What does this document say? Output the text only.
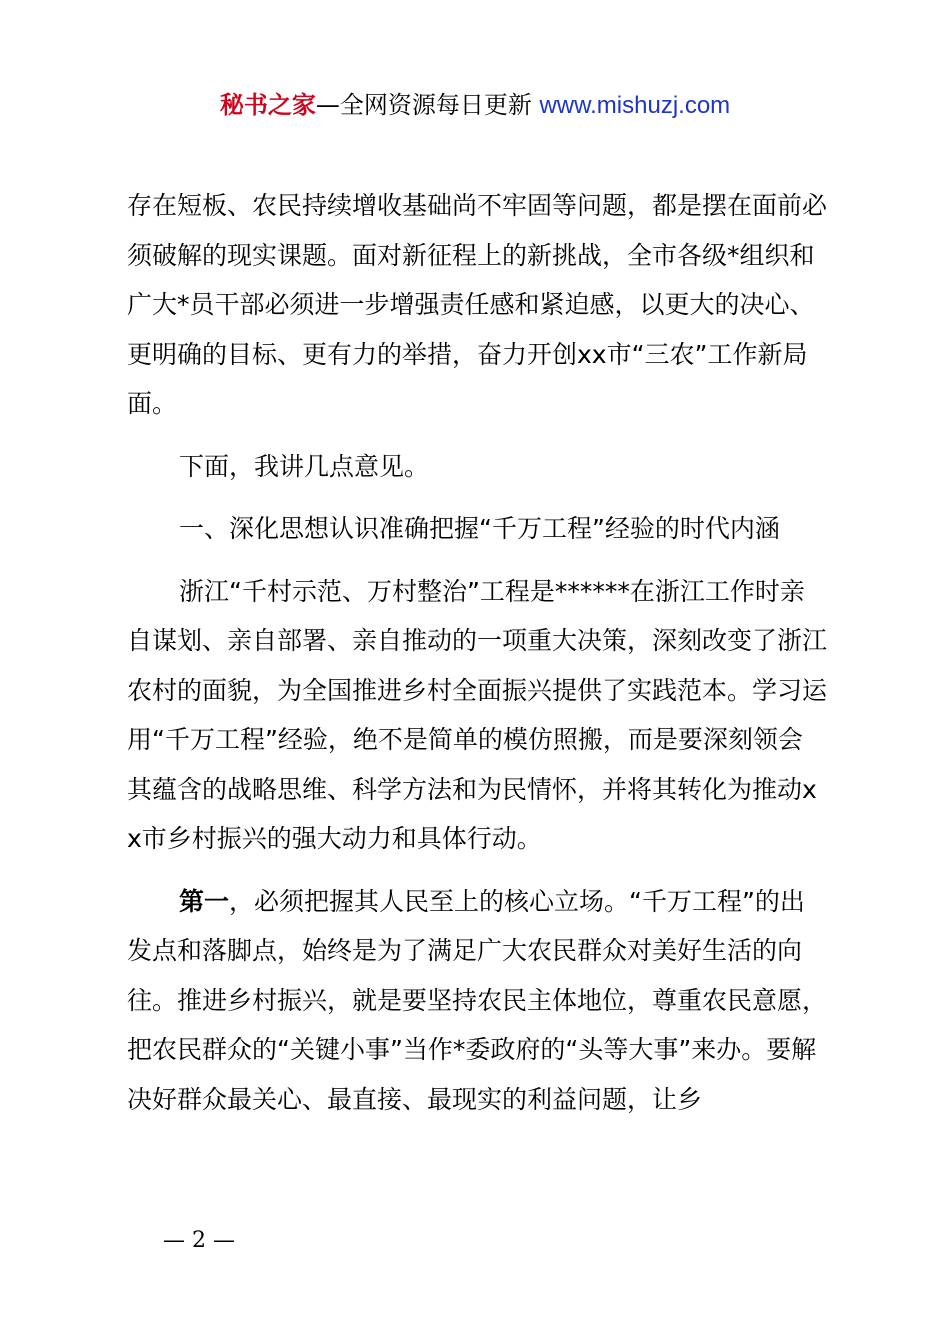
秘书之家—全网资源每日更新 www.mishuzj.com

存在短板、农民持续增收基础尚不牢固等问题，都是摆在面前必须破解的现实课题。面对新征程上的新挑战，全市各级*组织和广大*员干部必须进一步增强责任感和紧迫感，以更大的决心、更明确的目标、更有力的举措，奋力开创xx市“三农”工作新局面。

下面，我讲几点意见。

一、深化思想认识准确把握“千万工程”经验的时代内涵

浙江“千村示范、万村整治”工程是******在浙江工作时亲自谋划、亲自部署、亲自推动的一项重大决策，深刻改变了浙江农村的面貌，为全国推进乡村全面振兴提供了实践范本。学习运用“千万工程”经验，绝不是简单的模仿照搬，而是要深刻领会其蕴含的战略思维、科学方法和为民情怀，并将其转化为推动xx市乡村振兴的强大动力和具体行动。

第一，必须把握其人民至上的核心立场。“千万工程”的出发点和落脚点，始终是为了满足广大农民群众对美好生活的向往。推进乡村振兴，就是要坚持农民主体地位，尊重农民意愿，把农民群众的“关键小事”当作*委政府的“头等大事”来办。要解决好群众最关心、最直接、最现实的利益问题，让乡

— 2 —
